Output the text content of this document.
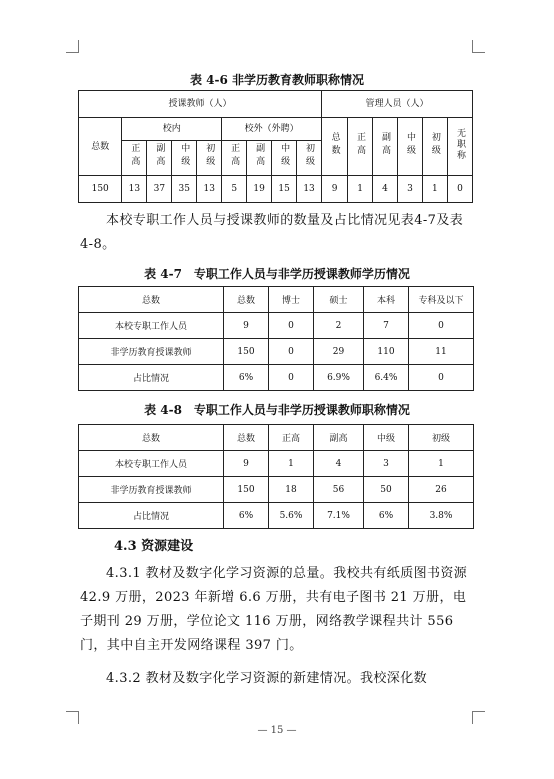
表 4-6 非学历教育教师职称情况
授课教师（人）									管理人员（人）					
总数	校内				校外（外聘）				总数	正高	副高	中级	初级	无职称
	正高	副高	中级	初级	正高	副高	中级	初级						
150	13	37	35	13	5	19	15	13	9	1	4	3	1	0
本校专职工作人员与授课教师的数量及占比情况见表4-7及表4-8。
表 4-7　专职工作人员与非学历授课教师学历情况
总数	总数	博士	硕士	本科	专科及以下
本校专职工作人员	9	0	2	7	0
非学历教育授课教师	150	0	29	110	11
占比情况	6%	0	6.9%	6.4%	0
表 4-8　专职工作人员与非学历授课教师职称情况
总数	总数	正高	副高	中级	初级
本校专职工作人员	9	1	4	3	1
非学历教育授课教师	150	18	56	50	26
占比情况	6%	5.6%	7.1%	6%	3.8%
4.3 资源建设
4.3.1 教材及数字化学习资源的总量。我校共有纸质图书资源 42.9 万册，2023 年新增 6.6 万册，共有电子图书 21 万册，电子期刊 29 万册，学位论文 116 万册，网络教学课程共计 556 门，其中自主开发网络课程 397 门。
4.3.2 教材及数字化学习资源的新建情况。我校深化数
— 15 —
